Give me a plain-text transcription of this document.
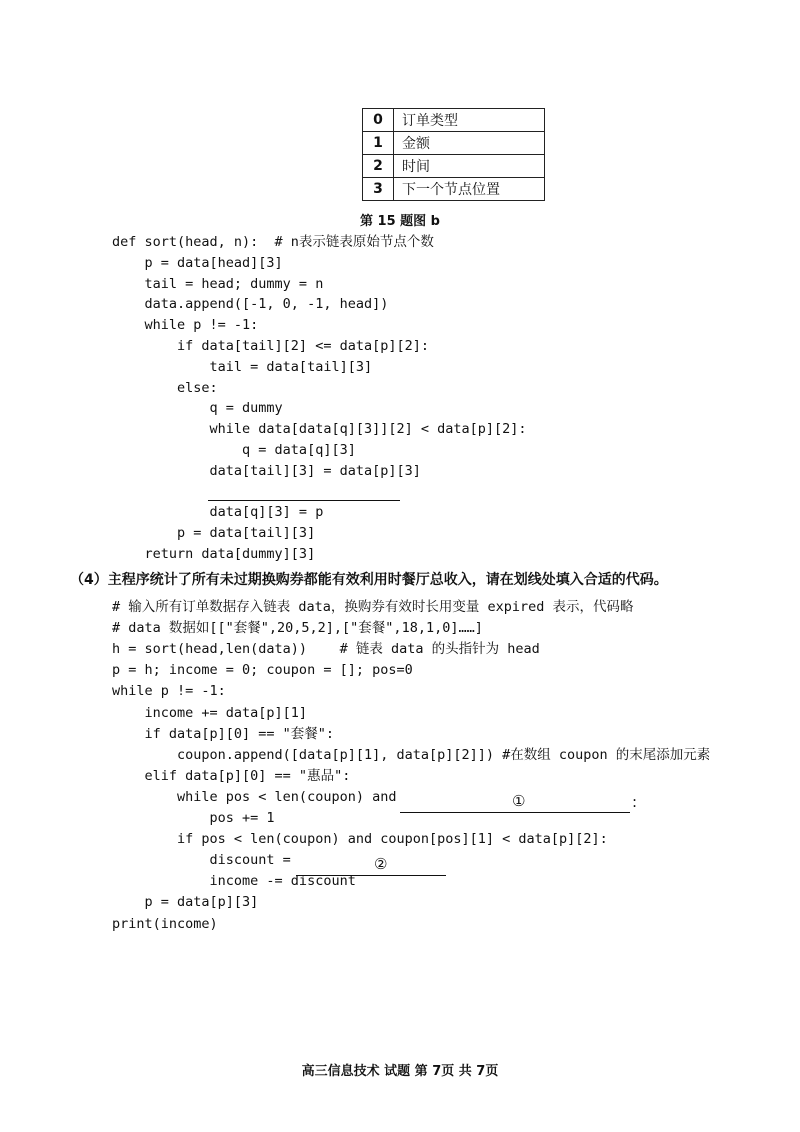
0	订单类型
1	金额
2	时间
3	下一个节点位置
第 15 题图 b
def sort(head, n):  # n表示链表原始节点个数
p = data[head][3]
tail = head; dummy = n
data.append([-1, 0, -1, head])
while p != -1:
if data[tail][2] <= data[p][2]:
tail = data[tail][3]
else:
q = dummy
while data[data[q][3]][2] < data[p][2]:
q = data[q][3]
data[tail][3] = data[p][3]
data[q][3] = p
p = data[tail][3]
return data[dummy][3]
（4）主程序统计了所有未过期换购券都能有效利用时餐厅总收入，请在划线处填入合适的代码。
# 输入所有订单数据存入链表 data，换购券有效时长用变量 expired 表示，代码略
# data 数据如[["套餐",20,5,2],["套餐",18,1,0]……]
h = sort(head,len(data))    # 链表 data 的头指针为 head
p = h; income = 0; coupon = []; pos=0
while p != -1:
income += data[p][1]
if data[p][0] == "套餐":
coupon.append([data[p][1], data[p][2]]) #在数组 coupon 的末尾添加元素
elif data[p][0] == "惠品":
while pos < len(coupon) and
pos += 1
if pos < len(coupon) and coupon[pos][1] < data[p][2]:
discount =
income -= discount
p = data[p][3]
print(income)
①	:
②
高三信息技术 试题 第 7页 共 7页
